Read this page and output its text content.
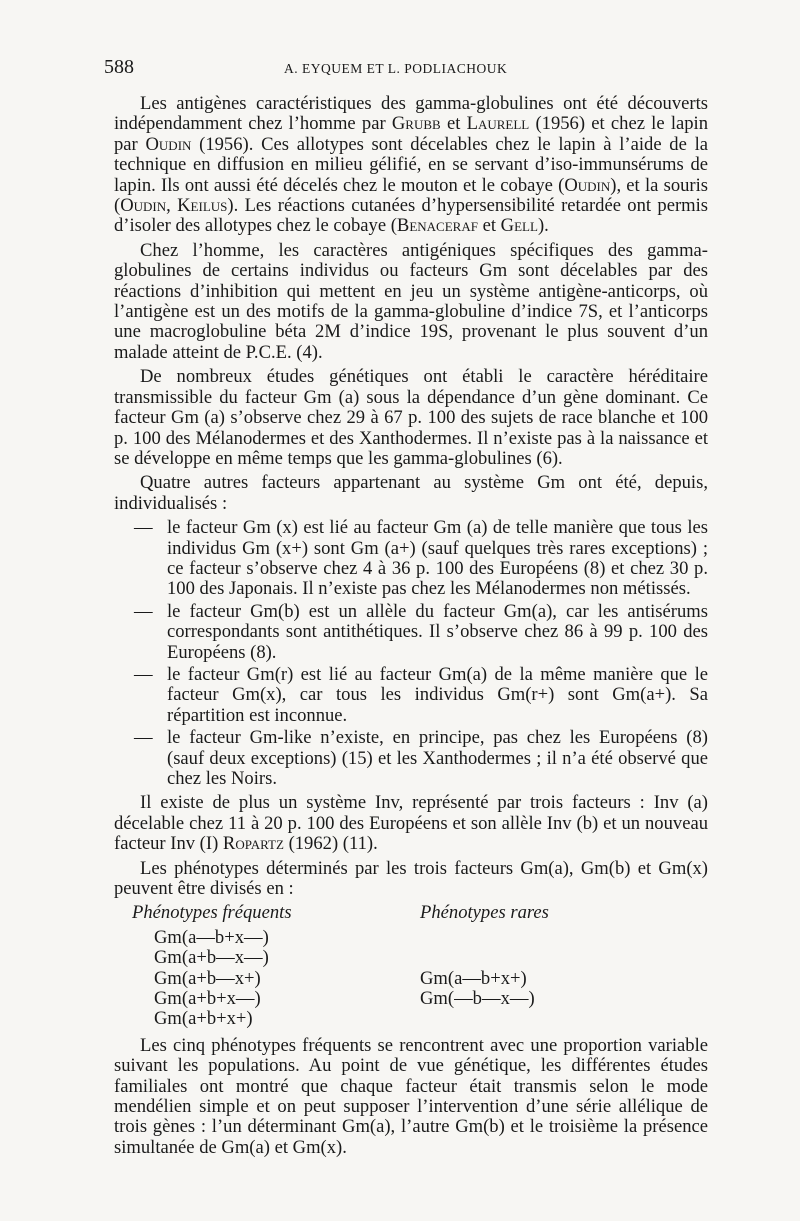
588	A. EYQUEM ET L. PODLIACHOUK

Les antigènes caractéristiques des gamma-globulines ont été découverts indépendamment chez l’homme par Grubb et Laurell (1956) et chez le lapin par Oudin (1956). Ces allotypes sont décelables chez le lapin à l’aide de la technique en diffusion en milieu gélifié, en se servant d’iso-immunsérums de lapin. Ils ont aussi été décelés chez le mouton et le cobaye (Oudin), et la souris (Oudin, Keilus). Les réactions cutanées d’hypersensibilité retardée ont permis d’isoler des allotypes chez le cobaye (Benaceraf et Gell).

Chez l’homme, les caractères antigéniques spécifiques des gamma-globulines de certains individus ou facteurs Gm sont décelables par des réactions d’inhibition qui mettent en jeu un système antigène-anticorps, où l’antigène est un des motifs de la gamma-globuline d’indice 7S, et l’anticorps une macroglobuline béta 2M d’indice 19S, provenant le plus souvent d’un malade atteint de P.C.E. (4).

De nombreux études génétiques ont établi le caractère héréditaire transmissible du facteur Gm (a) sous la dépendance d’un gène dominant. Ce facteur Gm (a) s’observe chez 29 à 67 p. 100 des sujets de race blanche et 100 p. 100 des Mélanodermes et des Xanthodermes. Il n’existe pas à la naissance et se développe en même temps que les gamma-globulines (6).

Quatre autres facteurs appartenant au système Gm ont été, depuis, individualisés :

— le facteur Gm (x) est lié au facteur Gm (a) de telle manière que tous les individus Gm (x+) sont Gm (a+) (sauf quelques très rares exceptions) ; ce facteur s’observe chez 4 à 36 p. 100 des Européens (8) et chez 30 p. 100 des Japonais. Il n’existe pas chez les Mélanodermes non métissés.
— le facteur Gm(b) est un allèle du facteur Gm(a), car les antisérums correspondants sont antithétiques. Il s’observe chez 86 à 99 p. 100 des Européens (8).
— le facteur Gm(r) est lié au facteur Gm(a) de la même manière que le facteur Gm(x), car tous les individus Gm(r+) sont Gm(a+). Sa répartition est inconnue.
— le facteur Gm-like n’existe, en principe, pas chez les Européens (8) (sauf deux exceptions) (15) et les Xanthodermes ; il n’a été observé que chez les Noirs.

Il existe de plus un système Inv, représenté par trois facteurs : Inv (a) décelable chez 11 à 20 p. 100 des Européens et son allèle Inv (b) et un nouveau facteur Inv (I) Ropartz (1962) (11).

Les phénotypes déterminés par les trois facteurs Gm(a), Gm(b) et Gm(x) peuvent être divisés en :

Phénotypes fréquents
Gm(a—b+x—)
Gm(a+b—x—)
Gm(a+b—x+)
Gm(a+b+x—)
Gm(a+b+x+)
Phénotypes rares
Gm(a—b+x+)
Gm(—b—x—)

Les cinq phénotypes fréquents se rencontrent avec une proportion variable suivant les populations. Au point de vue génétique, les différentes études familiales ont montré que chaque facteur était transmis selon le mode mendélien simple et on peut supposer l’intervention d’une série allélique de trois gènes : l’un déterminant Gm(a), l’autre Gm(b) et le troisième la présence simultanée de Gm(a) et Gm(x).
